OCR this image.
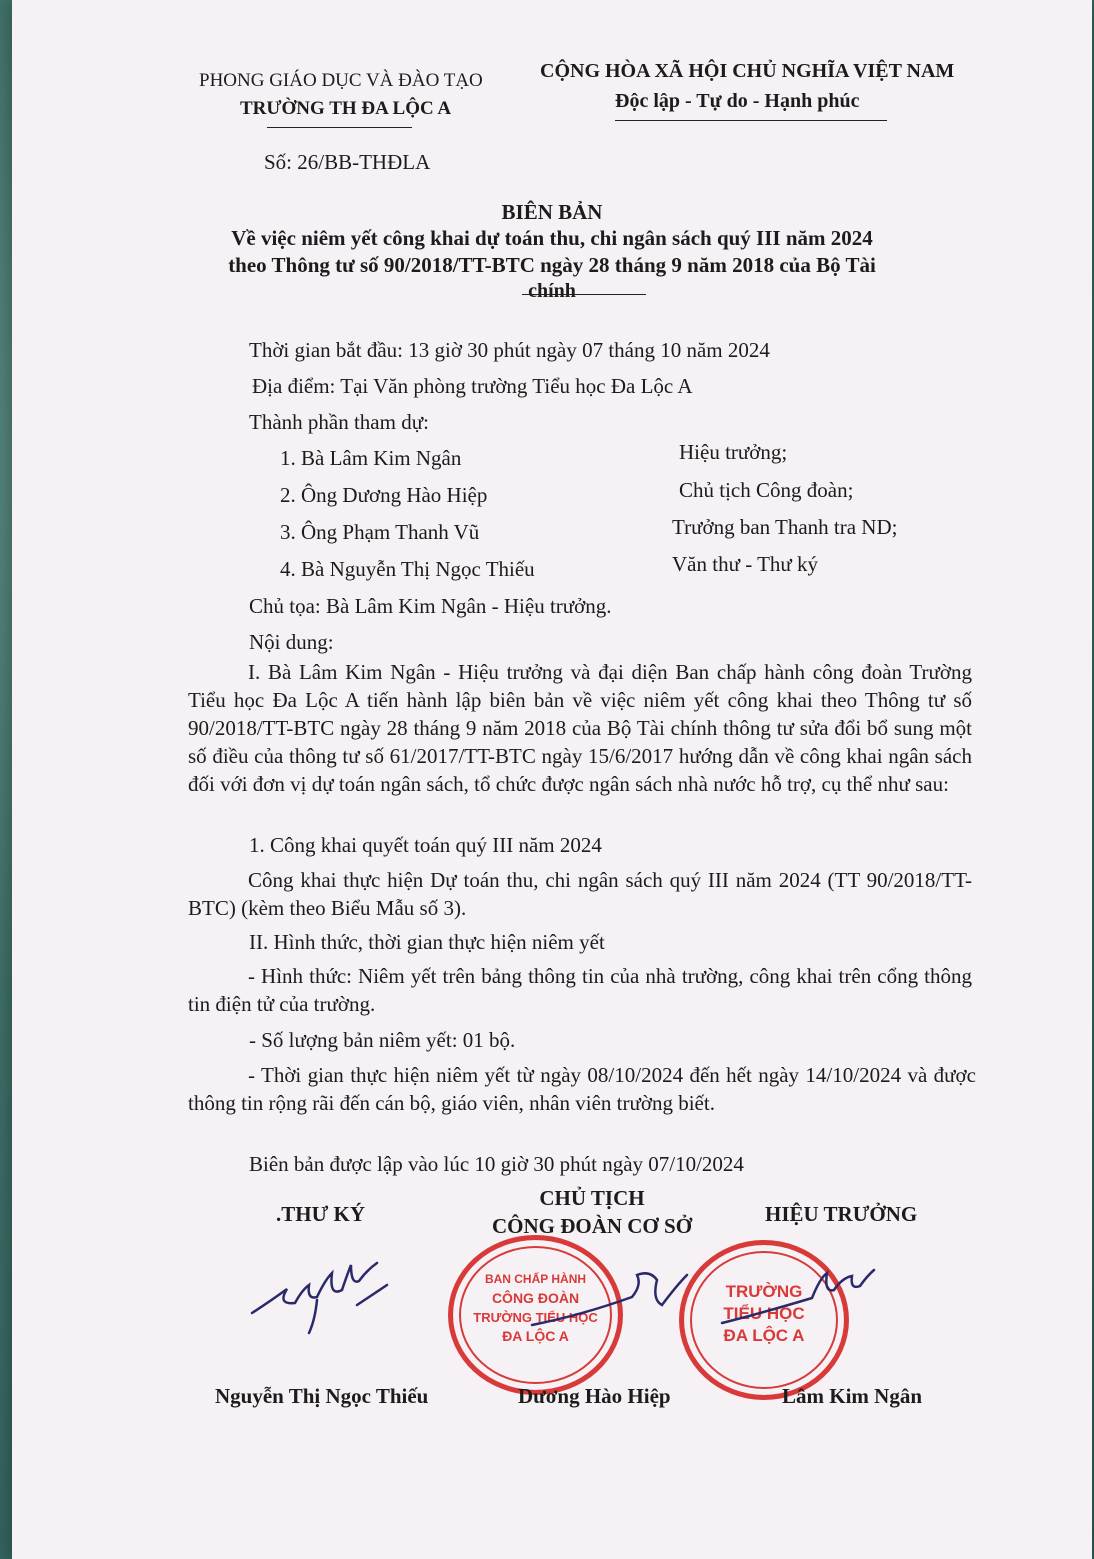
PHONG GIÁO DỤC VÀ ĐÀO TẠO
TRƯỜNG TH ĐA LỘC A
CỘNG HÒA XÃ HỘI CHỦ NGHĨA VIỆT NAM
Độc lập - Tự do - Hạnh phúc
Số: 26/BB-THĐLA
BIÊN BẢN
Về việc niêm yết công khai dự toán thu, chi ngân sách quý III năm 2024
theo Thông tư số 90/2018/TT-BTC ngày 28 tháng 9 năm 2018 của Bộ Tài
chính
Thời gian bắt đầu: 13 giờ 30 phút ngày 07 tháng 10 năm 2024
Địa điểm: Tại Văn phòng trường Tiểu học Đa Lộc A
Thành phần tham dự:
1. Bà Lâm Kim Ngân	Hiệu trưởng;
2. Ông Dương Hào Hiệp	Chủ tịch Công đoàn;
3. Ông Phạm Thanh Vũ	Trưởng ban Thanh tra ND;
4. Bà Nguyễn Thị Ngọc Thiếu	Văn thư - Thư ký
Chủ tọa: Bà Lâm Kim Ngân - Hiệu trưởng.
Nội dung:
I. Bà Lâm Kim Ngân - Hiệu trưởng và đại diện Ban chấp hành công đoàn Trường Tiểu học Đa Lộc A tiến hành lập biên bản về việc niêm yết công khai theo Thông tư số 90/2018/TT-BTC ngày 28 tháng 9 năm 2018 của Bộ Tài chính thông tư sửa đổi bổ sung một số điều của thông tư số 61/2017/TT-BTC ngày 15/6/2017 hướng dẫn về công khai ngân sách đối với đơn vị dự toán ngân sách, tổ chức được ngân sách nhà nước hỗ trợ, cụ thể như sau:
1. Công khai quyết toán quý III năm 2024
Công khai thực hiện Dự toán thu, chi ngân sách quý III năm 2024 (TT 90/2018/TT-BTC) (kèm theo Biểu Mẫu số 3).
II. Hình thức, thời gian thực hiện niêm yết
- Hình thức: Niêm yết trên bảng thông tin của nhà trường, công khai trên cổng thông tin điện tử của trường.
- Số lượng bản niêm yết: 01 bộ.
- Thời gian thực hiện niêm yết từ ngày 08/10/2024 đến hết ngày 14/10/2024 và được thông tin rộng rãi đến cán bộ, giáo viên, nhân viên trường biết.
Biên bản được lập vào lúc 10 giờ 30 phút ngày 07/10/2024
.THƯ KÝ
CHỦ TỊCH
CÔNG ĐOÀN CƠ SỞ	HIỆU TRƯỞNG
BAN CHẤP HÀNH
CÔNG ĐOÀN
TRƯỜNG TIỂU HỌC
ĐA LỘC A
TRƯỜNG
TIỂU HỌC
ĐA LỘC A
Nguyễn Thị Ngọc Thiếu	Dương Hào Hiệp	Lâm Kim Ngân
